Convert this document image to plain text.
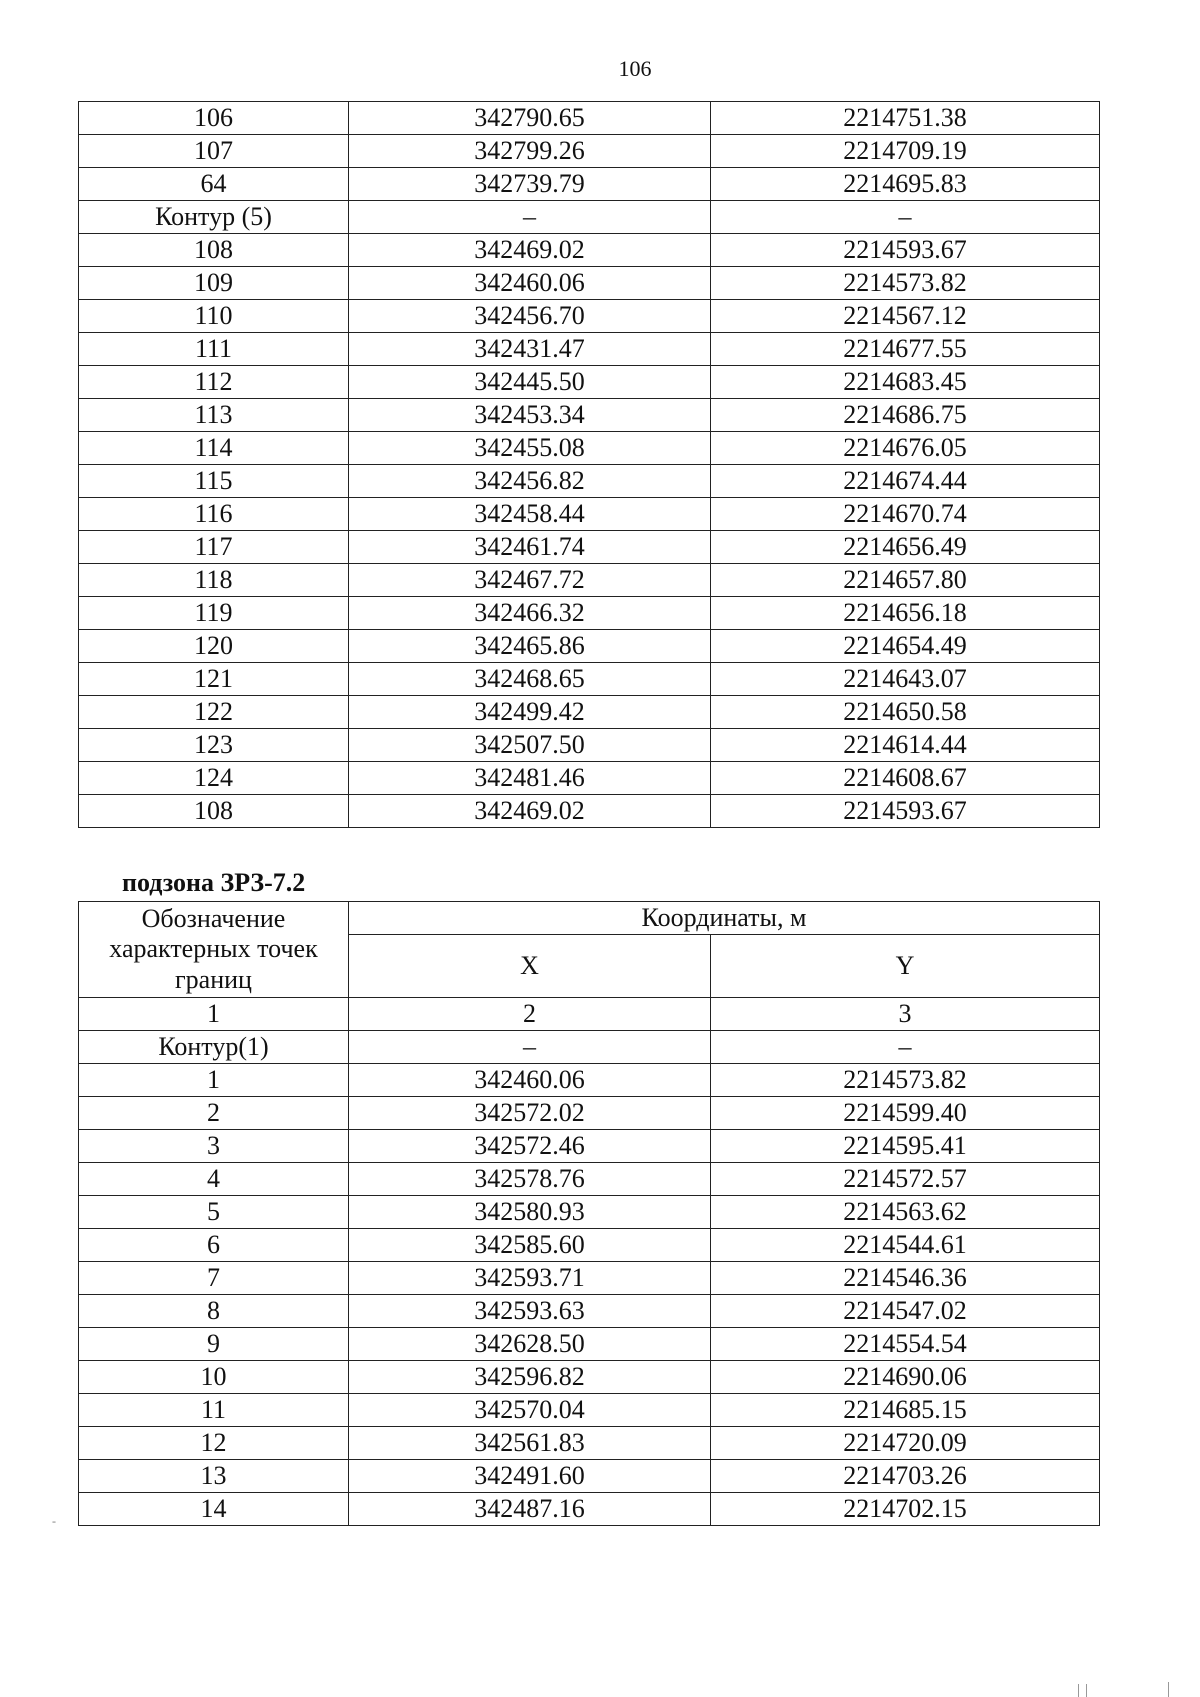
106
106	342790.65	2214751.38
107	342799.26	2214709.19
64	342739.79	2214695.83
Контур (5)	–	–
108	342469.02	2214593.67
109	342460.06	2214573.82
110	342456.70	2214567.12
111	342431.47	2214677.55
112	342445.50	2214683.45
113	342453.34	2214686.75
114	342455.08	2214676.05
115	342456.82	2214674.44
116	342458.44	2214670.74
117	342461.74	2214656.49
118	342467.72	2214657.80
119	342466.32	2214656.18
120	342465.86	2214654.49
121	342468.65	2214643.07
122	342499.42	2214650.58
123	342507.50	2214614.44
124	342481.46	2214608.67
108	342469.02	2214593.67
подзона ЗРЗ-7.2
Обозначение характерных точек границ	Координаты, м	
	X	Y
1	2	3
Контур(1)	–	–
1	342460.06	2214573.82
2	342572.02	2214599.40
3	342572.46	2214595.41
4	342578.76	2214572.57
5	342580.93	2214563.62
6	342585.60	2214544.61
7	342593.71	2214546.36
8	342593.63	2214547.02
9	342628.50	2214554.54
10	342596.82	2214690.06
11	342570.04	2214685.15
12	342561.83	2214720.09
13	342491.60	2214703.26
14	342487.16	2214702.15
-
